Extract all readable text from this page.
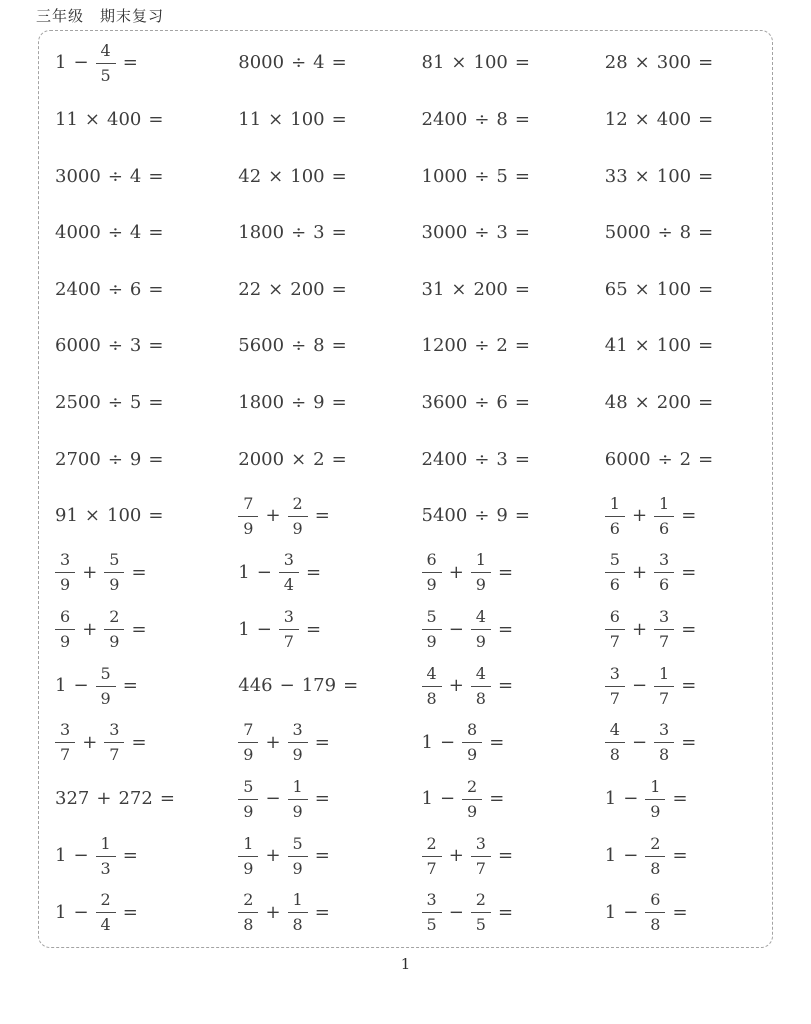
三年级　期末复习
$1 - \frac{4}{5}$ =	8000 ÷ 4 =	81 × 100 =	28 × 300 =
11 × 400 =	11 × 100 =	2400 ÷ 8 =	12 × 400 =
3000 ÷ 4 =	42 × 100 =	1000 ÷ 5 =	33 × 100 =
4000 ÷ 4 =	1800 ÷ 3 =	3000 ÷ 3 =	5000 ÷ 8 =
2400 ÷ 6 =	22 × 200 =	31 × 200 =	65 × 100 =
6000 ÷ 3 =	5600 ÷ 8 =	1200 ÷ 2 =	41 × 100 =
2500 ÷ 5 =	1800 ÷ 9 =	3600 ÷ 6 =	48 × 200 =
2700 ÷ 9 =	2000 × 2 =	2400 ÷ 3 =	6000 ÷ 2 =
91 × 100 =	$\frac{7}{9} + \frac{2}{9}$ =	5400 ÷ 9 =	$\frac{1}{6} + \frac{1}{6}$ =
$\frac{3}{9} + \frac{5}{9}$ =	$1 - \frac{3}{4}$ =	$\frac{6}{9} + \frac{1}{9}$ =	$\frac{5}{6} + \frac{3}{6}$ =
$\frac{6}{9} + \frac{2}{9}$ =	$1 - \frac{3}{7}$ =	$\frac{5}{9} - \frac{4}{9}$ =	$\frac{6}{7} + \frac{3}{7}$ =
$1 - \frac{5}{9}$ =	446 − 179 =	$\frac{4}{8} + \frac{4}{8}$ =	$\frac{3}{7} - \frac{1}{7}$ =
$\frac{3}{7} + \frac{3}{7}$ =	$\frac{7}{9} + \frac{3}{9}$ =	$1 - \frac{8}{9}$ =	$\frac{4}{8} - \frac{3}{8}$ =
327 + 272 =	$\frac{5}{9} - \frac{1}{9}$ =	$1 - \frac{2}{9}$ =	$1 - \frac{1}{9}$ =
$1 - \frac{1}{3}$ =	$\frac{1}{9} + \frac{5}{9}$ =	$\frac{2}{7} + \frac{3}{7}$ =	$1 - \frac{2}{8}$ =
$1 - \frac{2}{4}$ =	$\frac{2}{8} + \frac{1}{8}$ =	$\frac{3}{5} - \frac{2}{5}$ =	$1 - \frac{6}{8}$ =
1
